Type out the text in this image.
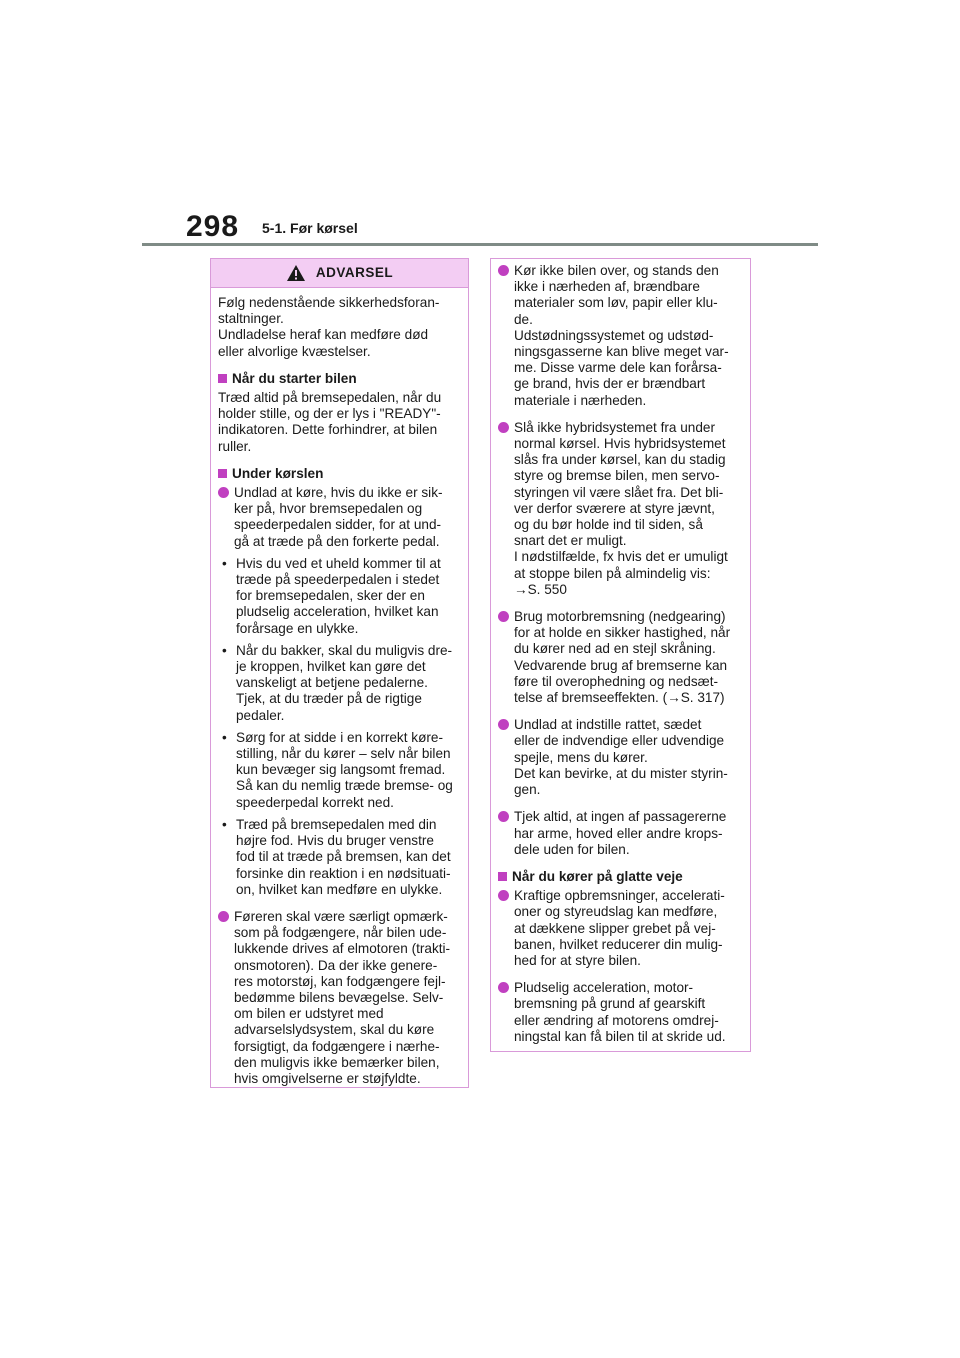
298 5-1. Før kørsel
ADVARSEL
Følg nedenstående sikkerhedsforan-
staltninger.
Undladelse heraf kan medføre død
eller alvorlige kvæstelser.
Når du starter bilen
Træd altid på bremsepedalen, når du
holder stille, og der er lys i "READY"-
indikatoren. Dette forhindrer, at bilen
ruller.
Under kørslen
Undlad at køre, hvis du ikke er sik-
ker på, hvor bremsepedalen og
speederpedalen sidder, for at und-
gå at træde på den forkerte pedal.
• Hvis du ved et uheld kommer til at
træde på speederpedalen i stedet
for bremsepedalen, sker der en
pludselig acceleration, hvilket kan
forårsage en ulykke.
• Når du bakker, skal du muligvis dre-
je kroppen, hvilket kan gøre det
vanskeligt at betjene pedalerne.
Tjek, at du træder på de rigtige
pedaler.
• Sørg for at sidde i en korrekt køre-
stilling, når du kører – selv når bilen
kun bevæger sig langsomt fremad.
Så kan du nemlig træde bremse- og
speederpedal korrekt ned.
• Træd på bremsepedalen med din
højre fod. Hvis du bruger venstre
fod til at træde på bremsen, kan det
forsinke din reaktion i en nødsituati-
on, hvilket kan medføre en ulykke.
Føreren skal være særligt opmærk-
som på fodgængere, når bilen ude-
lukkende drives af elmotoren (trakti-
onsmotoren). Da der ikke genere-
res motorstøj, kan fodgængere fejl-
bedømme bilens bevægelse. Selv-
om bilen er udstyret med
advarselslydsystem, skal du køre
forsigtigt, da fodgængere i nærhe-
den muligvis ikke bemærker bilen,
hvis omgivelserne er støjfyldte.
Kør ikke bilen over, og stands den
ikke i nærheden af, brændbare
materialer som løv, papir eller klu-
de.
Udstødningssystemet og udstød-
ningsgasserne kan blive meget var-
me. Disse varme dele kan forårsa-
ge brand, hvis der er brændbart
materiale i nærheden.
Slå ikke hybridsystemet fra under
normal kørsel. Hvis hybridsystemet
slås fra under kørsel, kan du stadig
styre og bremse bilen, men servo-
styringen vil være slået fra. Det bli-
ver derfor sværere at styre jævnt,
og du bør holde ind til siden, så
snart det er muligt.
I nødstilfælde, fx hvis det er umuligt
at stoppe bilen på almindelig vis:
→S. 550
Brug motorbremsning (nedgearing)
for at holde en sikker hastighed, når
du kører ned ad en stejl skråning.
Vedvarende brug af bremserne kan
føre til overophedning og nedsæt-
telse af bremseeffekten. (→S. 317)
Undlad at indstille rattet, sædet
eller de indvendige eller udvendige
spejle, mens du kører.
Det kan bevirke, at du mister styrin-
gen.
Tjek altid, at ingen af passagererne
har arme, hoved eller andre krops-
dele uden for bilen.
Når du kører på glatte veje
Kraftige opbremsninger, accelerati-
oner og styreudslag kan medføre,
at dækkene slipper grebet på vej-
banen, hvilket reducerer din mulig-
hed for at styre bilen.
Pludselig acceleration, motor-
bremsning på grund af gearskift
eller ændring af motorens omdrej-
ningstal kan få bilen til at skride ud.
